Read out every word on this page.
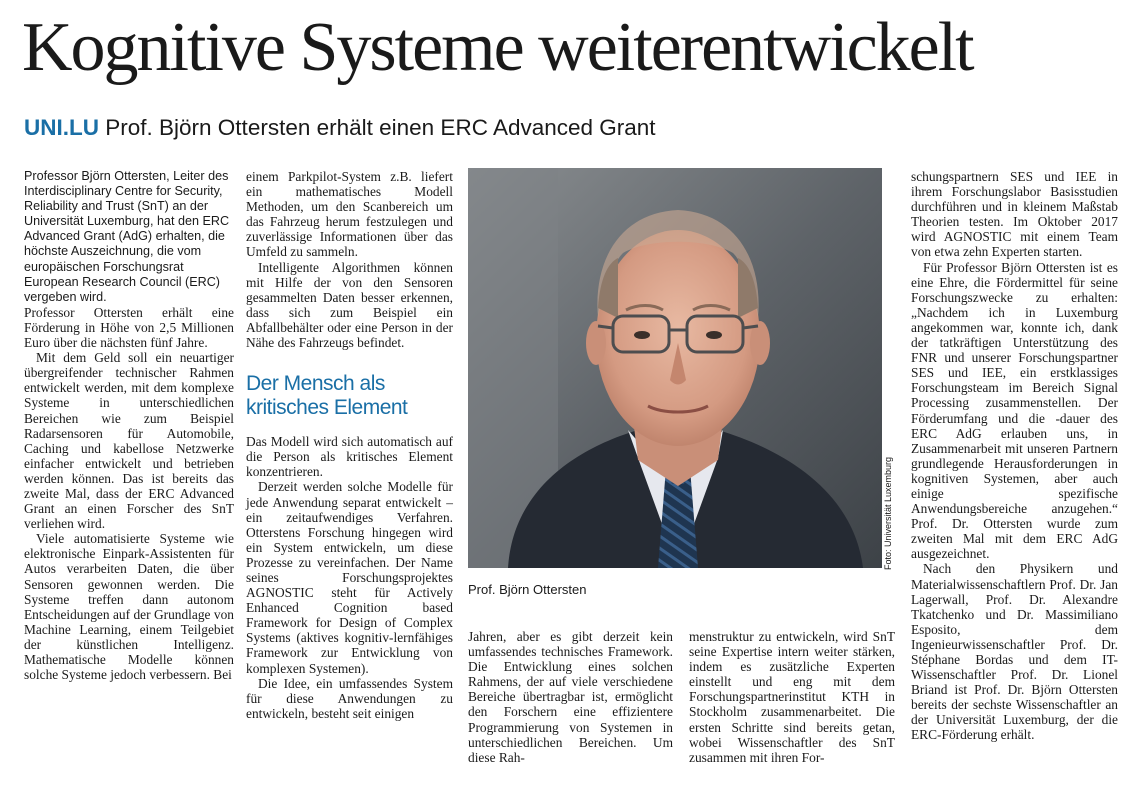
Kognitive Systeme weiterentwickelt
UNI.LU Prof. Björn Ottersten erhält einen ERC Advanced Grant

Professor Björn Ottersten, Leiter des Interdisciplinary Centre for Security, Reliability and Trust (SnT) an der Universität Luxemburg, hat den ERC Advanced Grant (AdG) erhalten, die höchste Auszeichnung, die vom europäischen Forschungsrat European Research Council (ERC) vergeben wird.

Professor Ottersten erhält eine Förderung in Höhe von 2,5 Millionen Euro über die nächsten fünf Jahre.

Mit dem Geld soll ein neuartiger übergreifender technischer Rahmen entwickelt werden, mit dem komplexe Systeme in unterschiedlichen Bereichen wie zum Beispiel Radarsensoren für Automobile, Caching und kabellose Netzwerke einfacher entwickelt und betrieben werden können. Das ist bereits das zweite Mal, dass der ERC Advanced Grant an einen Forscher des SnT verliehen wird.

Viele automatisierte Systeme wie elektronische Einpark-Assistenten für Autos verarbeiten Daten, die über Sensoren gewonnen werden. Die Systeme treffen dann autonom Entscheidungen auf der Grundlage von Machine Learning, einem Teilgebiet der künstlichen Intelligenz. Mathematische Modelle können solche Systeme jedoch verbessern. Bei

einem Parkpilot-System z.B. liefert ein mathematisches Modell Methoden, um den Scanbereich um das Fahrzeug herum festzulegen und zuverlässige Informationen über das Umfeld zu sammeln.

Intelligente Algorithmen können mit Hilfe der von den Sensoren gesammelten Daten besser erkennen, dass sich zum Beispiel ein Abfallbehälter oder eine Person in der Nähe des Fahrzeugs befindet.

Der Mensch als kritisches Element

Das Modell wird sich automatisch auf die Person als kritisches Element konzentrieren.

Derzeit werden solche Modelle für jede Anwendung separat entwickelt – ein zeitaufwendiges Verfahren. Otterstens Forschung hingegen wird ein System entwickeln, um diese Prozesse zu vereinfachen. Der Name seines Forschungsprojektes AGNOSTIC steht für Actively Enhanced Cognition based Framework for Design of Complex Systems (aktives kognitiv-lernfähiges Framework zur Entwicklung von komplexen Systemen).

Die Idee, ein umfassendes System für diese Anwendungen zu entwickeln, besteht seit einigen

Foto: Universität Luxemburg
Prof. Björn Ottersten

Jahren, aber es gibt derzeit kein umfassendes technisches Framework. Die Entwicklung eines solchen Rahmens, der auf viele verschiedene Bereiche übertragbar ist, ermöglicht den Forschern eine effizientere Programmierung von Systemen in unterschiedlichen Bereichen. Um diese Rah-

menstruktur zu entwickeln, wird SnT seine Expertise intern weiter stärken, indem es zusätzliche Experten einstellt und eng mit dem Forschungspartnerinstitut KTH in Stockholm zusammenarbeitet. Die ersten Schritte sind bereits getan, wobei Wissenschaftler des SnT zusammen mit ihren For-

schungspartnern SES und IEE in ihrem Forschungslabor Basisstudien durchführen und in kleinem Maßstab Theorien testen. Im Oktober 2017 wird AGNOSTIC mit einem Team von etwa zehn Experten starten.

Für Professor Björn Ottersten ist es eine Ehre, die Fördermittel für seine Forschungszwecke zu erhalten: „Nachdem ich in Luxemburg angekommen war, konnte ich, dank der tatkräftigen Unterstützung des FNR und unserer Forschungspartner SES und IEE, ein erstklassiges Forschungsteam im Bereich Signal Processing zusammenstellen. Der Förderumfang und die -dauer des ERC AdG erlauben uns, in Zusammenarbeit mit unseren Partnern grundlegende Herausforderungen in kognitiven Systemen, aber auch einige spezifische Anwendungsbereiche anzugehen.“ Prof. Dr. Ottersten wurde zum zweiten Mal mit dem ERC AdG ausgezeichnet.

Nach den Physikern und Materialwissenschaftlern Prof. Dr. Jan Lagerwall, Prof. Dr. Alexandre Tkatchenko und Dr. Massimiliano Esposito, dem Ingenieurwissenschaftler Prof. Dr. Stéphane Bordas und dem IT-Wissenschaftler Prof. Dr. Lionel Briand ist Prof. Dr. Björn Ottersten bereits der sechste Wissenschaftler an der Universität Luxemburg, der die ERC-Förderung erhält.
